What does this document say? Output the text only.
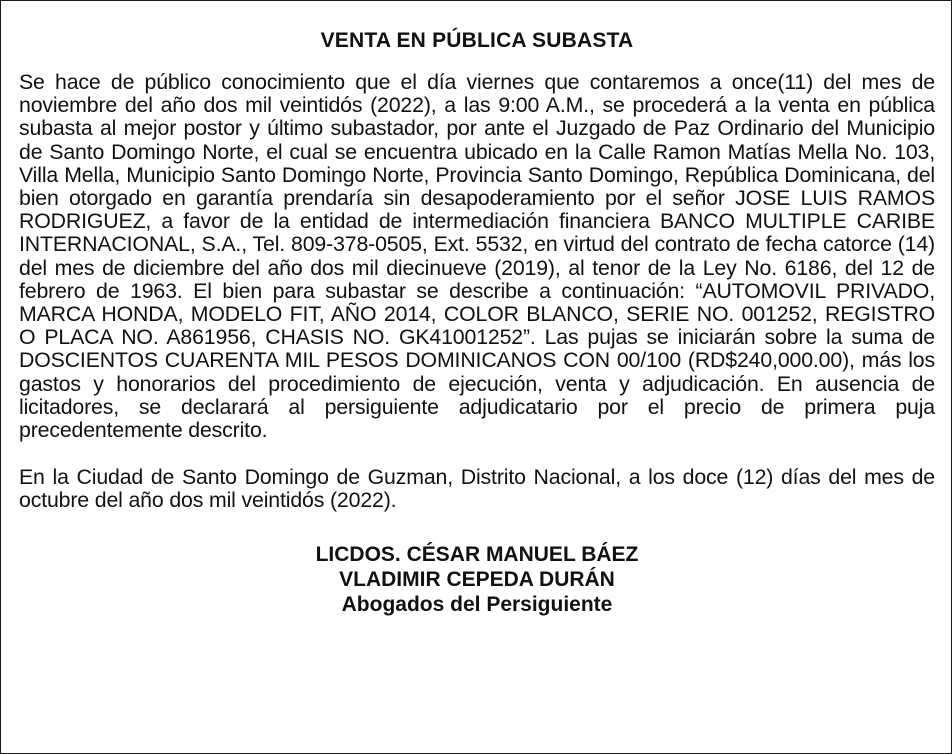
VENTA EN PÚBLICA SUBASTA

Se hace de público conocimiento que el día viernes que contaremos a once(11) del mes de noviembre del año dos mil veintidós (2022), a las 9:00 A.M., se procederá a la venta en pública subasta al mejor postor y último subastador, por ante el Juzgado de Paz Ordinario del Municipio de Santo Domingo Norte, el cual se encuentra ubicado en la Calle Ramon Matías Mella No. 103, Villa Mella, Municipio Santo Domingo Norte, Provincia Santo Domingo, República Dominicana, del bien otorgado en garantía prendaría sin desapoderamiento por el señor JOSE LUIS RAMOS RODRIGUEZ, a favor de la entidad de intermediación financiera BANCO MULTIPLE CARIBE INTERNACIONAL, S.A., Tel. 809-378-0505, Ext. 5532, en virtud del contrato de fecha catorce (14) del mes de diciembre del año dos mil diecinueve (2019), al tenor de la Ley No. 6186, del 12 de febrero de 1963. El bien para subastar se describe a continuación: “AUTOMOVIL PRIVADO, MARCA HONDA, MODELO FIT, AÑO 2014, COLOR BLANCO, SERIE NO. 001252, REGISTRO O PLACA NO. A861956, CHASIS NO. GK41001252”. Las pujas se iniciarán sobre la suma de DOSCIENTOS CUARENTA MIL PESOS DOMINICANOS CON 00/100 (RD$240,000.00), más los gastos y honorarios del procedimiento de ejecución, venta y adjudicación. En ausencia de licitadores, se declarará al persiguiente adjudicatario por el precio de primera puja precedentemente descrito.

En la Ciudad de Santo Domingo de Guzman, Distrito Nacional, a los doce (12) días del mes de octubre del año dos mil veintidós (2022).

LICDOS. CÉSAR MANUEL BÁEZ
VLADIMIR CEPEDA DURÁN
Abogados del Persiguiente
